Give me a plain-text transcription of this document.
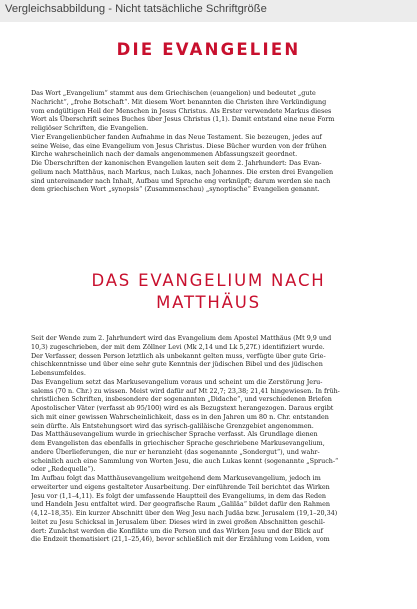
Vergleichsabbildung - Nicht tatsächliche Schriftgröße
DIE EVANGELIEN

Das Wort „Evangelium“ stammt aus dem Griechischen (euangelion) und bedeutet „gute

Nachricht“, „frohe Botschaft“. Mit diesem Wort benannten die Christen ihre Verkündigung

vom endgültigen Heil der Menschen in Jesus Christus. Als Erster verwendete Markus dieses

Wort als Überschrift seines Buches über Jesus Christus (1,1). Damit entstand eine neue Form

religiöser Schriften, die Evangelien.

Vier Evangelienbücher fanden Aufnahme in das Neue Testament. Sie bezeugen, jedes auf

seine Weise, das eine Evangelium von Jesus Christus. Diese Bücher wurden von der frühen

Kirche wahrscheinlich nach der damals angenommenen Abfassungszeit geordnet.

Die Überschriften der kanonischen Evangelien lauten seit dem 2. Jahrhundert: Das Evan-

gelium nach Matthäus, nach Markus, nach Lukas, nach Johannes. Die ersten drei Evangelien

sind untereinander nach Inhalt, Aufbau und Sprache eng verknüpft; darum werden sie nach

dem griechischen Wort „synopsis“ (Zusammenschau) „synoptische“ Evangelien genannt.

DAS EVANGELIUM NACH
MATTHÄUS

Seit der Wende zum 2. Jahrhundert wird das Evangelium dem Apostel Matthäus (Mt 9,9 und

10,3) zugeschrieben, der mit dem Zöllner Levi (Mk 2,14 und Lk 5,27f.) identifiziert wurde.

Der Verfasser, dessen Person letztlich als unbekannt gelten muss, verfügte über gute Grie-

chischkenntnisse und über eine sehr gute Kenntnis der jüdischen Bibel und des jüdischen

Lebensumfeldes.

Das Evangelium setzt das Markusevangelium voraus und scheint um die Zerstörung Jeru-

salems (70 n. Chr.) zu wissen. Meist wird dafür auf Mt 22,7; 23,38; 21,41 hingewiesen. In früh-

christlichen Schriften, insbesondere der sogenannten „Didache“, und verschiedenen Briefen

Apostolischer Väter (verfasst ab 95/100) wird es als Bezugstext herangezogen. Daraus ergibt

sich mit einer gewissen Wahrscheinlichkeit, dass es in den Jahren um 80 n. Chr. entstanden

sein dürfte. Als Entstehungsort wird das syrisch-galiläische Grenzgebiet angenommen.

Das Matthäusevangelium wurde in griechischer Sprache verfasst. Als Grundlage dienen

dem Evangelisten das ebenfalls in griechischer Sprache geschriebene Markusevangelium,

andere Überlieferungen, die nur er heranzieht (das sogenannte „Sondergut“), und wahr-

scheinlich auch eine Sammlung von Worten Jesu, die auch Lukas kennt (sogenannte „Spruch-“

oder „Redequelle“).

Im Aufbau folgt das Matthäusevangelium weitgehend dem Markusevangelium, jedoch im

erweiterter und eigens gestalteter Ausarbeitung. Der einführende Teil berichtet das Wirken

Jesu vor (1,1–4,11). Es folgt der umfassende Hauptteil des Evangeliums, in dem das Reden

und Handeln Jesu entfaltet wird. Der geografische Raum „Galiläa“ bildet dafür den Rahmen

(4,12–18,35). Ein kurzer Abschnitt über den Weg Jesu nach Judäa bzw. Jerusalem (19,1–20,34)

leitet zu Jesu Schicksal in Jerusalem über. Dieses wird in zwei großen Abschnitten geschil-

dert: Zunächst werden die Konflikte um die Person und das Wirken Jesu und der Blick auf

die Endzeit thematisiert (21,1–25,46), bevor schließlich mit der Erzählung vom Leiden, vom
